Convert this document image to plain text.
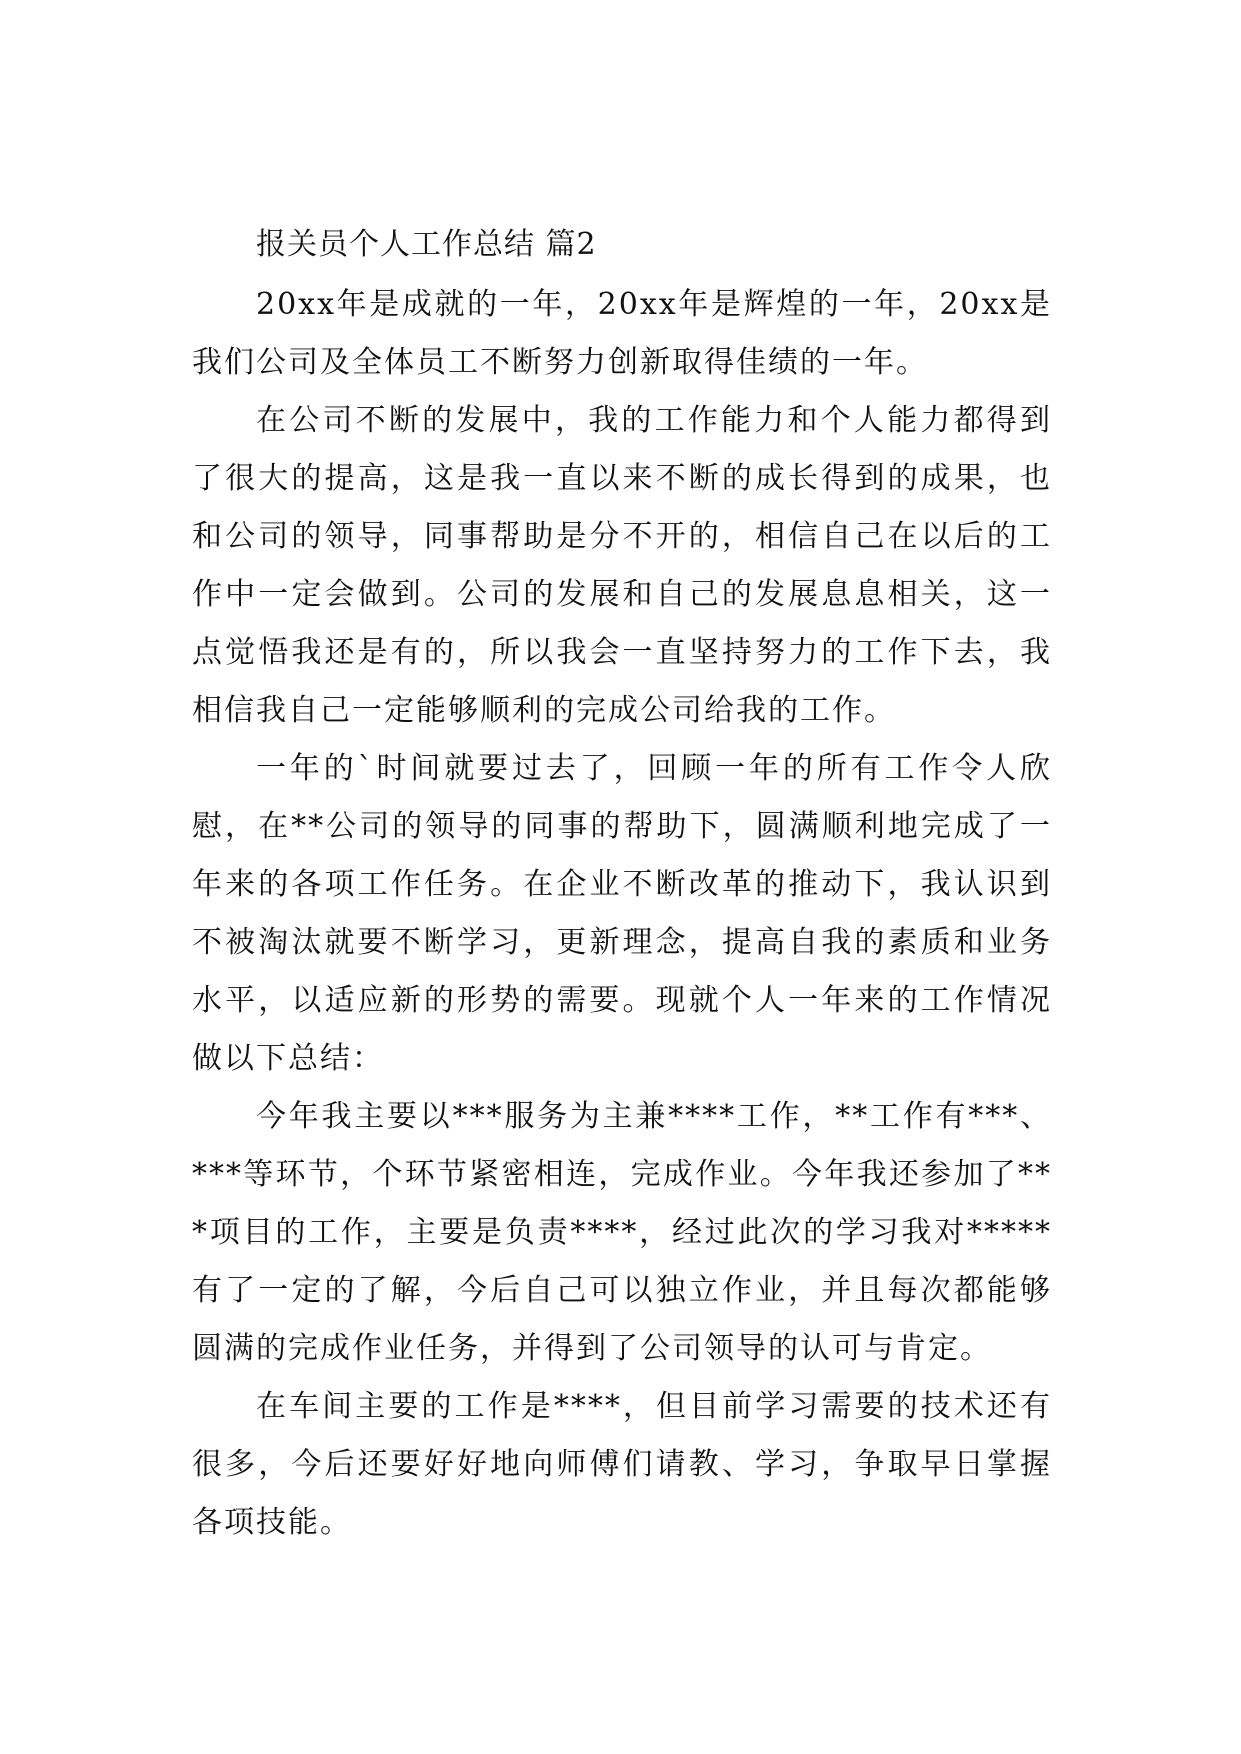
报关员个人工作总结 篇2

20xx年是成就的一年，20xx年是辉煌的一年，20xx是我们公司及全体员工不断努力创新取得佳绩的一年。

在公司不断的发展中，我的工作能力和个人能力都得到了很大的提高，这是我一直以来不断的成长得到的成果，也和公司的领导，同事帮助是分不开的，相信自己在以后的工作中一定会做到。公司的发展和自己的发展息息相关，这一点觉悟我还是有的，所以我会一直坚持努力的工作下去，我相信我自己一定能够顺利的完成公司给我的工作。

一年的`时间就要过去了，回顾一年的所有工作令人欣慰，在**公司的领导的同事的帮助下，圆满顺利地完成了一年来的各项工作任务。在企业不断改革的推动下，我认识到不被淘汰就要不断学习，更新理念，提高自我的素质和业务水平，以适应新的形势的需要。现就个人一年来的工作情况做以下总结：

今年我主要以***服务为主兼****工作，**工作有***、***等环节，个环节紧密相连，完成作业。今年我还参加了***项目的工作，主要是负责****，经过此次的学习我对*****有了一定的了解，今后自己可以独立作业，并且每次都能够圆满的完成作业任务，并得到了公司领导的认可与肯定。

在车间主要的工作是****，但目前学习需要的技术还有很多，今后还要好好地向师傅们请教、学习，争取早日掌握各项技能。
